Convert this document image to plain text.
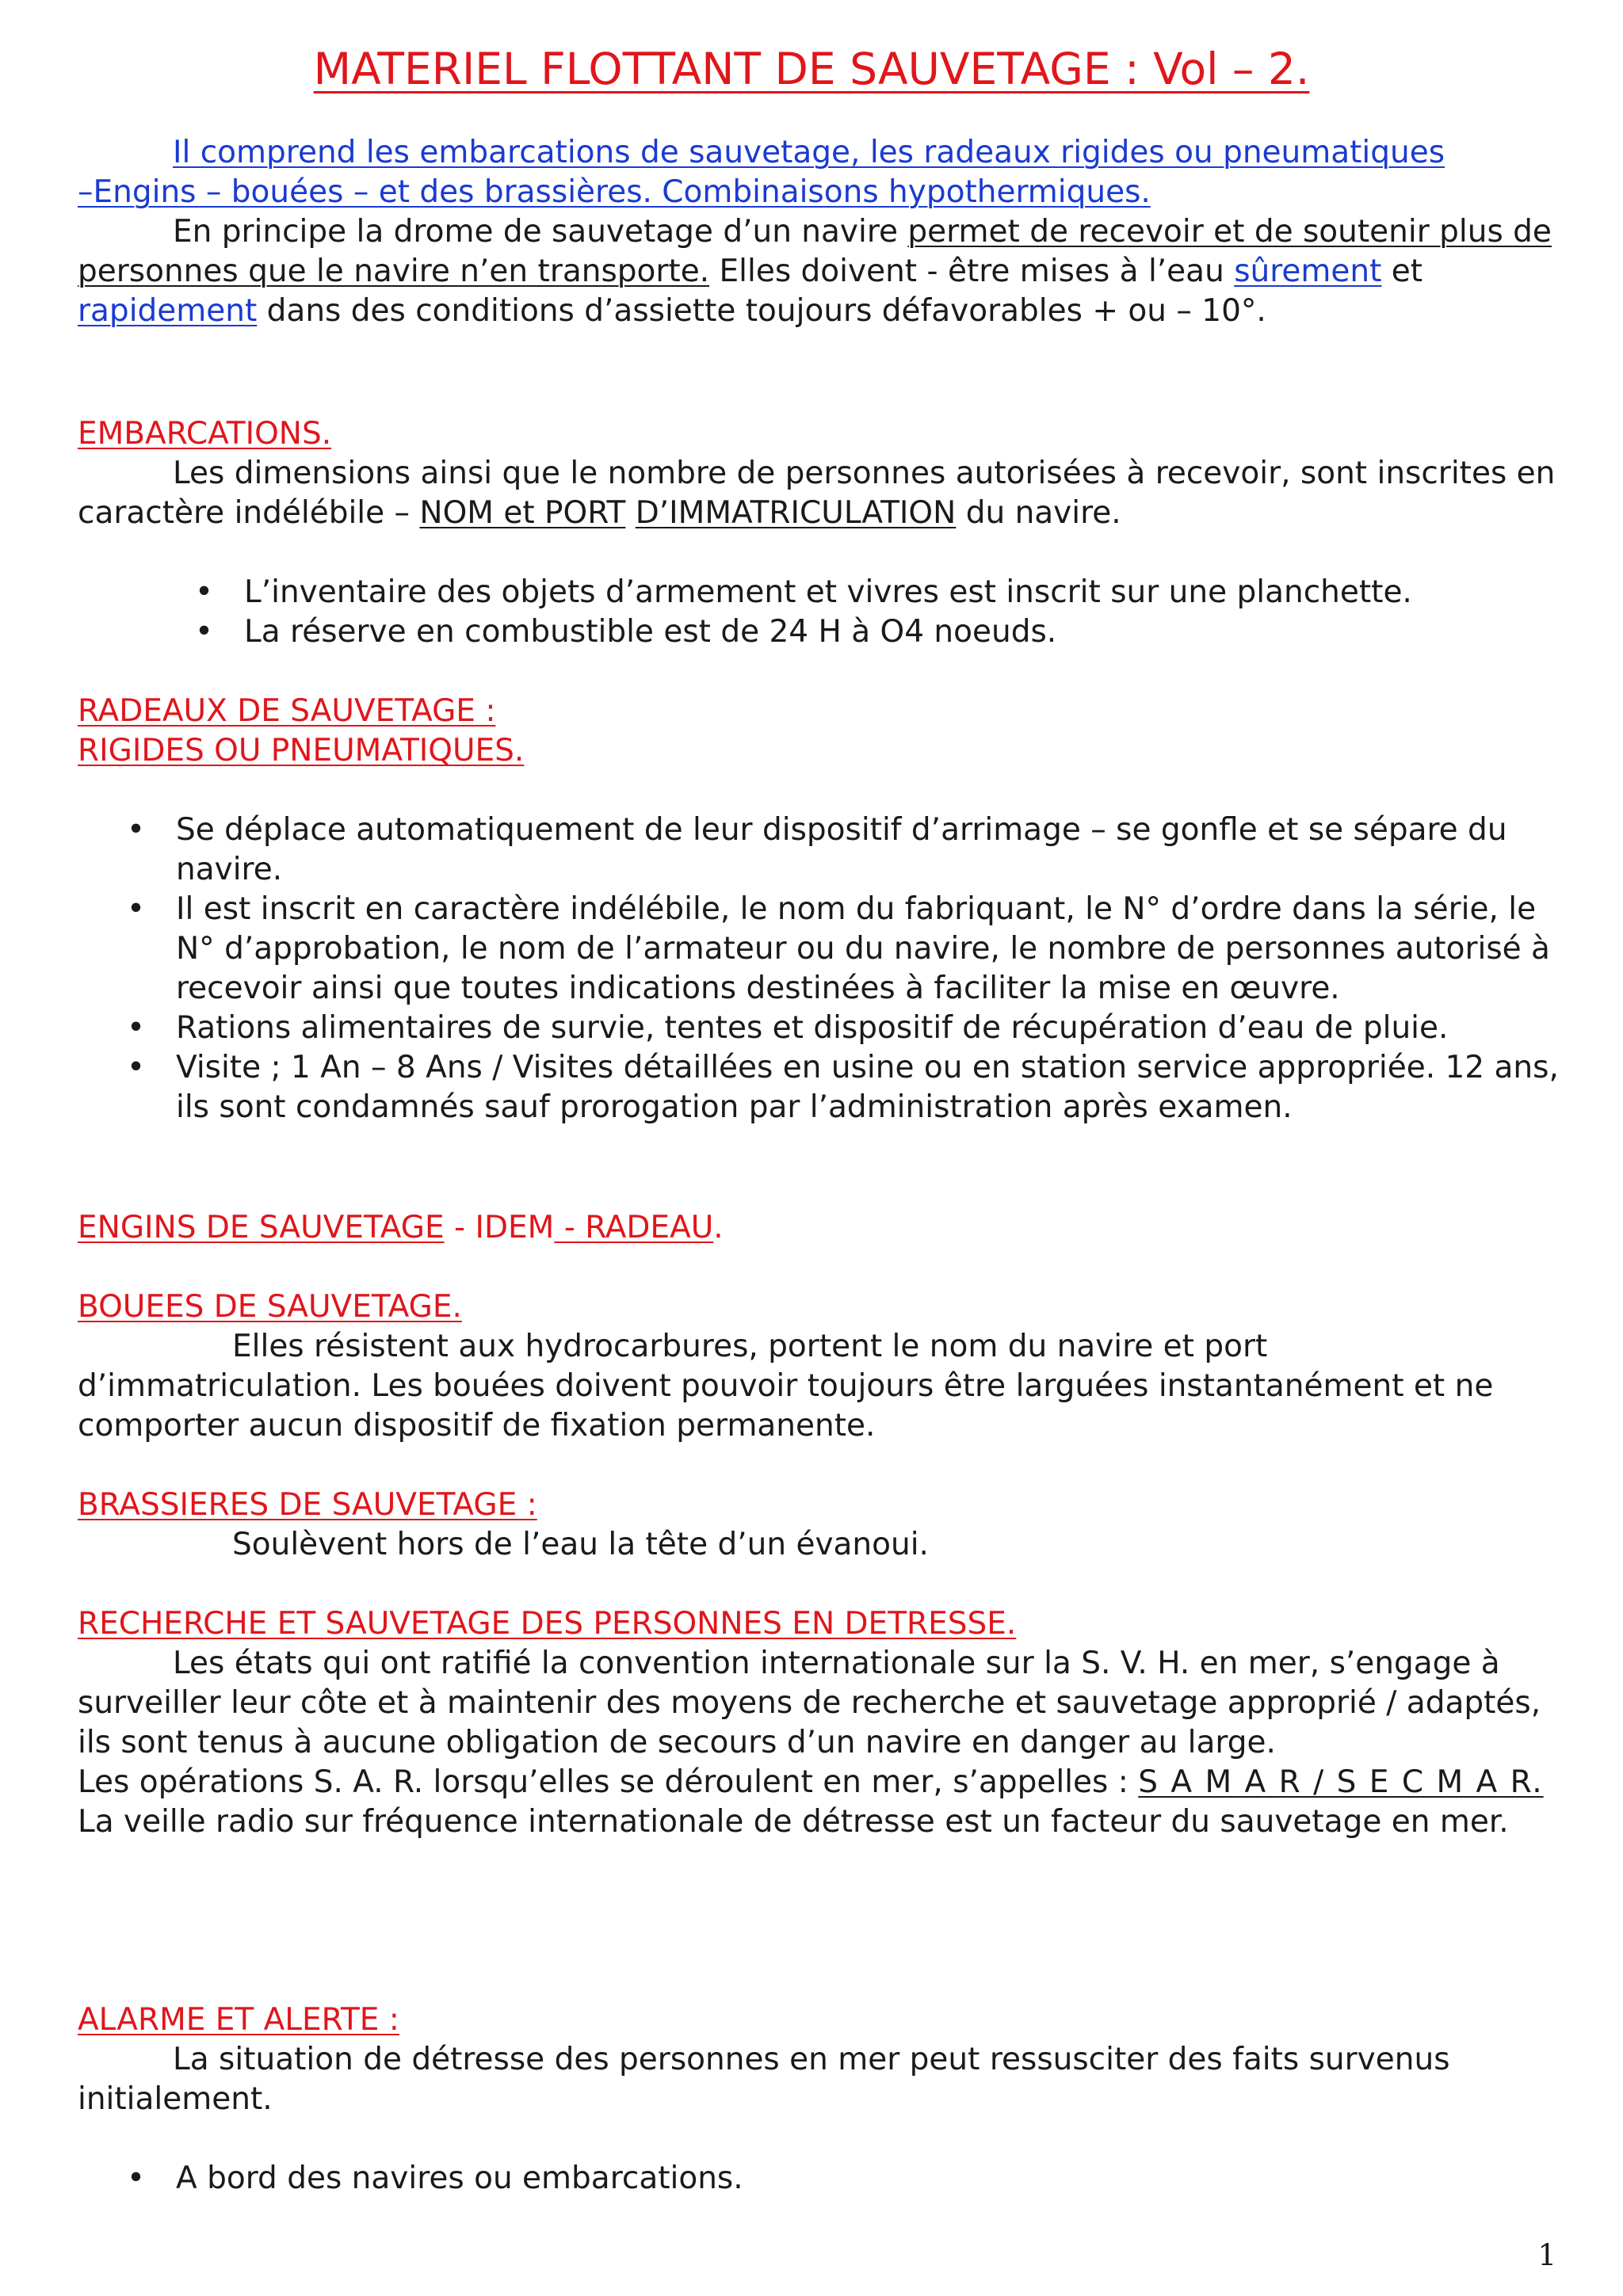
MATERIEL FLOTTANT DE SAUVETAGE : Vol – 2.

Il comprend les embarcations de sauvetage, les radeaux rigides ou pneumatiques
–Engins – bouées – et des brassières. Combinaisons hypothermiques.

En principe la drome de sauvetage d’un navire permet de recevoir et de soutenir plus de personnes que le navire n’en transporte. Elles doivent - être mises à l’eau sûrement et rapidement dans des conditions d’assiette toujours défavorables + ou – 10°.

EMBARCATIONS.

Les dimensions ainsi que le nombre de personnes autorisées à recevoir, sont inscrites en caractère indélébile – NOM et PORT D’IMMATRICULATION du navire.

• L’inventaire des objets d’armement et vivres est inscrit sur une planchette.
• La réserve en combustible est de 24 H à O4 noeuds.

RADEAUX DE SAUVETAGE :

RIGIDES OU PNEUMATIQUES.

• Se déplace automatiquement de leur dispositif d’arrimage – se gonfle et se sépare du navire.
• Il est inscrit en caractère indélébile, le nom du fabriquant, le N° d’ordre dans la série, le N° d’approbation, le nom de l’armateur ou du navire, le nombre de personnes autorisé à recevoir ainsi que toutes indications destinées à faciliter la mise en œuvre.
• Rations alimentaires de survie, tentes et dispositif de récupération d’eau de pluie.
• Visite ; 1 An – 8 Ans / Visites détaillées en usine ou en station service appropriée. 12 ans, ils sont condamnés sauf prorogation par l’administration après examen.

ENGINS DE SAUVETAGE - IDEM - RADEAU.

BOUEES DE SAUVETAGE.

Elles résistent aux hydrocarbures, portent le nom du navire et port d’immatriculation. Les bouées doivent pouvoir toujours être larguées instantanément et ne comporter aucun dispositif de fixation permanente.

BRASSIERES DE SAUVETAGE :

Soulèvent hors de l’eau la tête d’un évanoui.

RECHERCHE ET SAUVETAGE DES PERSONNES EN DETRESSE.

Les états qui ont ratifié la convention internationale sur la S. V. H. en mer, s’engage à surveiller leur côte et à maintenir des moyens de recherche et sauvetage approprié / adaptés, ils sont tenus à aucune obligation de secours d’un navire en danger au large.

Les opérations S. A. R. lorsqu’elles se déroulent en mer, s’appelles : S A M A R / S E C M A R.

La veille radio sur fréquence internationale de détresse est un facteur du sauvetage en mer.

ALARME ET ALERTE :

La situation de détresse des personnes en mer peut ressusciter des faits survenus initialement.

• A bord des navires ou embarcations.
1
